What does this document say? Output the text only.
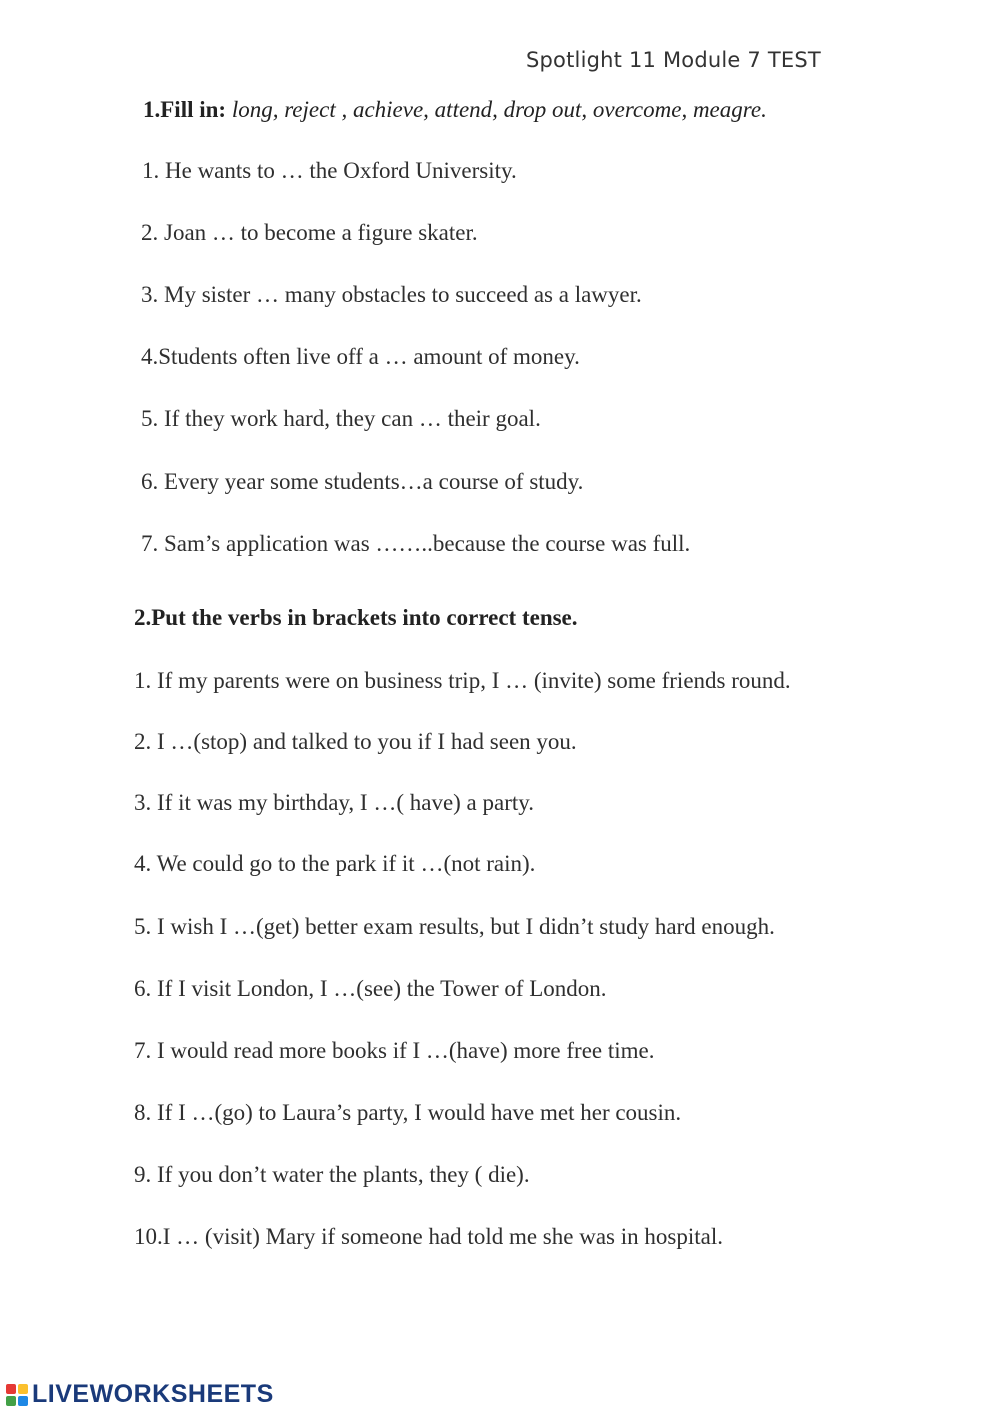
Spotlight 11 Module 7 TEST
1.Fill in: long, reject , achieve, attend, drop out, overcome, meagre.
1. He wants to … the Oxford University.
2. Joan … to become a figure skater.
3. My sister … many obstacles to succeed as a lawyer.
4.Students often live off a … amount of money.
5. If they work hard, they can … their goal.
6. Every year some students…a course of study.
7. Sam’s application was ……..because the course was full.
2.Put the verbs in brackets into correct tense.
1. If my parents were on business trip, I … (invite) some friends round.
2. I …(stop) and talked to you if I had seen you.
3. If it was my birthday, I …( have) a party.
4. We could go to the park if it …(not rain).
5. I wish I …(get) better exam results, but I didn’t study hard enough.
6. If I visit London, I …(see) the Tower of London.
7. I would read more books if I …(have) more free time.
8. If I …(go) to Laura’s party, I would have met her cousin.
9. If you don’t water the plants, they ( die).
10.I … (visit) Mary if someone had told me she was in hospital.
LIVEWORKSHEETS
